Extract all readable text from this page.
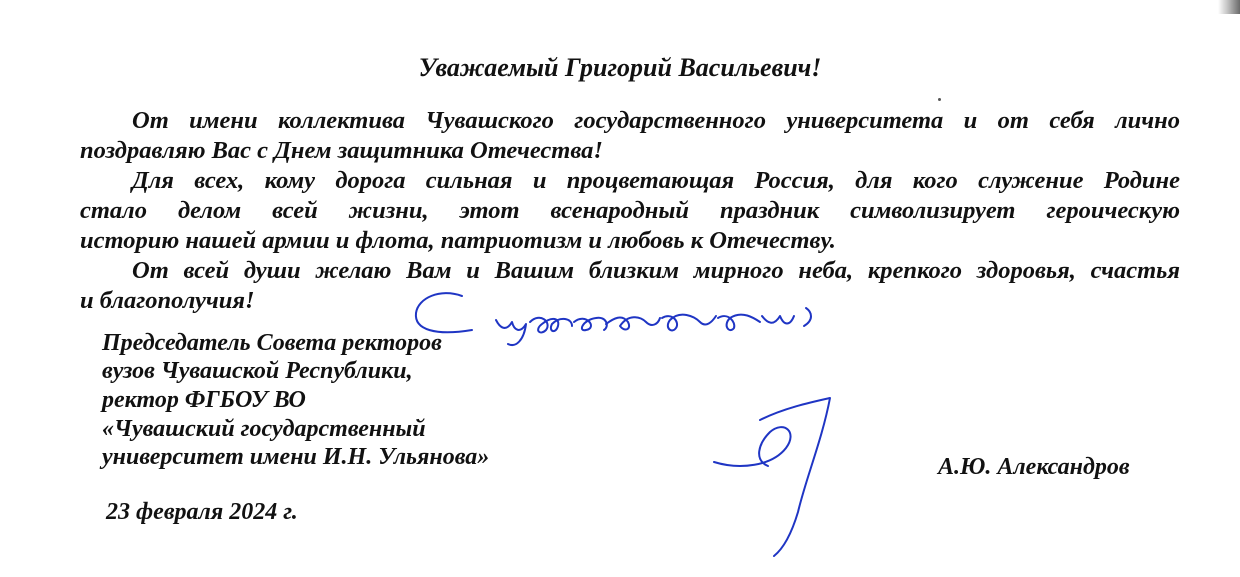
Уважаемый Григорий Васильевич!

От имени коллектива Чувашского государственного университета и от себя лично

поздравляю Вас с Днем защитника Отечества!

Для всех, кому дорога сильная и процветающая Россия, для кого служение Родине

стало делом всей жизни, этот всенародный праздник символизирует героическую

историю нашей армии и флота, патриотизм и любовь к Отечеству.

От всей души желаю Вам и Вашим близким мирного неба, крепкого здоровья, счастья

и благополучия!

Председатель Совета ректоров

вузов Чувашской Республики,

ректор ФГБОУ ВО

«Чувашский государственный

университет имени И.Н. Ульянова»	А.Ю. Александров

23 февраля 2024 г.
